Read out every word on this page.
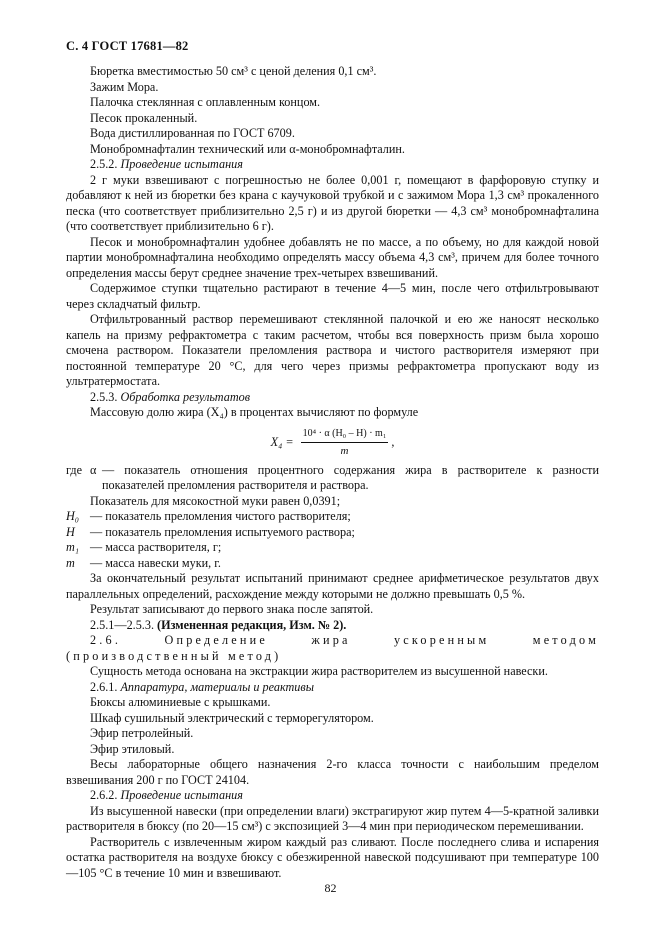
С. 4 ГОСТ 17681—82

Бюретка вместимостью 50 см³ с ценой деления 0,1 см³.

Зажим Мора.

Палочка стеклянная с оплавленным концом.

Песок прокаленный.

Вода дистиллированная по ГОСТ 6709.

Монобромнафталин технический или α-монобромнафталин.

2.5.2. Проведение испытания

2 г муки взвешивают с погрешностью не более 0,001 г, помещают в фарфоровую ступку и добавляют к ней из бюретки без крана с каучуковой трубкой и с зажимом Мора 1,3 см³ прокаленного песка (что соответствует приблизительно 2,5 г) и из другой бюретки — 4,3 см³ монобромнафталина (что соответствует приблизительно 6 г).

Песок и монобромнафталин удобнее добавлять не по массе, а по объему, но для каждой новой партии монобромнафталина необходимо определять массу объема 4,3 см³, причем для более точного определения массы берут среднее значение трех-четырех взвешиваний.

Содержимое ступки тщательно растирают в течение 4—5 мин, после чего отфильтровывают через складчатый фильтр.

Отфильтрованный раствор перемешивают стеклянной палочкой и ею же наносят несколько капель на призму рефрактометра с таким расчетом, чтобы вся поверхность призм была хорошо смочена раствором. Показатели преломления раствора и чистого растворителя измеряют при постоянной температуре 20 °С, для чего через призмы рефрактометра пропускают воду из ультратермостата.

2.5.3. Обработка результатов

Массовую долю жира (X₄) в процентах вычисляют по формуле

$X_4 = \frac{\text{10⁴ · α (H₀ – H) · m₁}}{m}$ ,
где α — показатель отношения процентного содержания жира в растворителе к разности показателей преломления растворителя и раствора.

Показатель для мясокостной муки равен 0,0391;

H₀ — показатель преломления чистого растворителя;
H	— показатель преломления испытуемого раствора;
m₁ — масса растворителя, г;
m	— масса навески муки, г.

За окончательный результат испытаний принимают среднее арифметическое результатов двух параллельных определений, расхождение между которыми не должно превышать 0,5 %.

Результат записывают до первого знака после запятой.

2.5.1—2.5.3. (Измененная редакция, Изм. № 2).

2.6. Определение жира ускоренным методом (производственный метод)

Сущность метода основана на экстракции жира растворителем из высушенной навески.

2.6.1. Аппаратура, материалы и реактивы

Бюксы алюминиевые с крышками.

Шкаф сушильный электрический с терморегулятором.

Эфир петролейный.

Эфир этиловый.

Весы лабораторные общего назначения 2-го класса точности с наибольшим пределом взвешивания 200 г по ГОСТ 24104.

2.6.2. Проведение испытания

Из высушенной навески (при определении влаги) экстрагируют жир путем 4—5-кратной заливки растворителя в бюксу (по 20—15 см³) с экспозицией 3—4 мин при периодическом перемешивании.

Растворитель с извлеченным жиром каждый раз сливают. После последнего слива и испарения остатка растворителя на воздухе бюксу с обезжиренной навеской подсушивают при температуре 100—105 °С в течение 10 мин и взвешивают.

82
